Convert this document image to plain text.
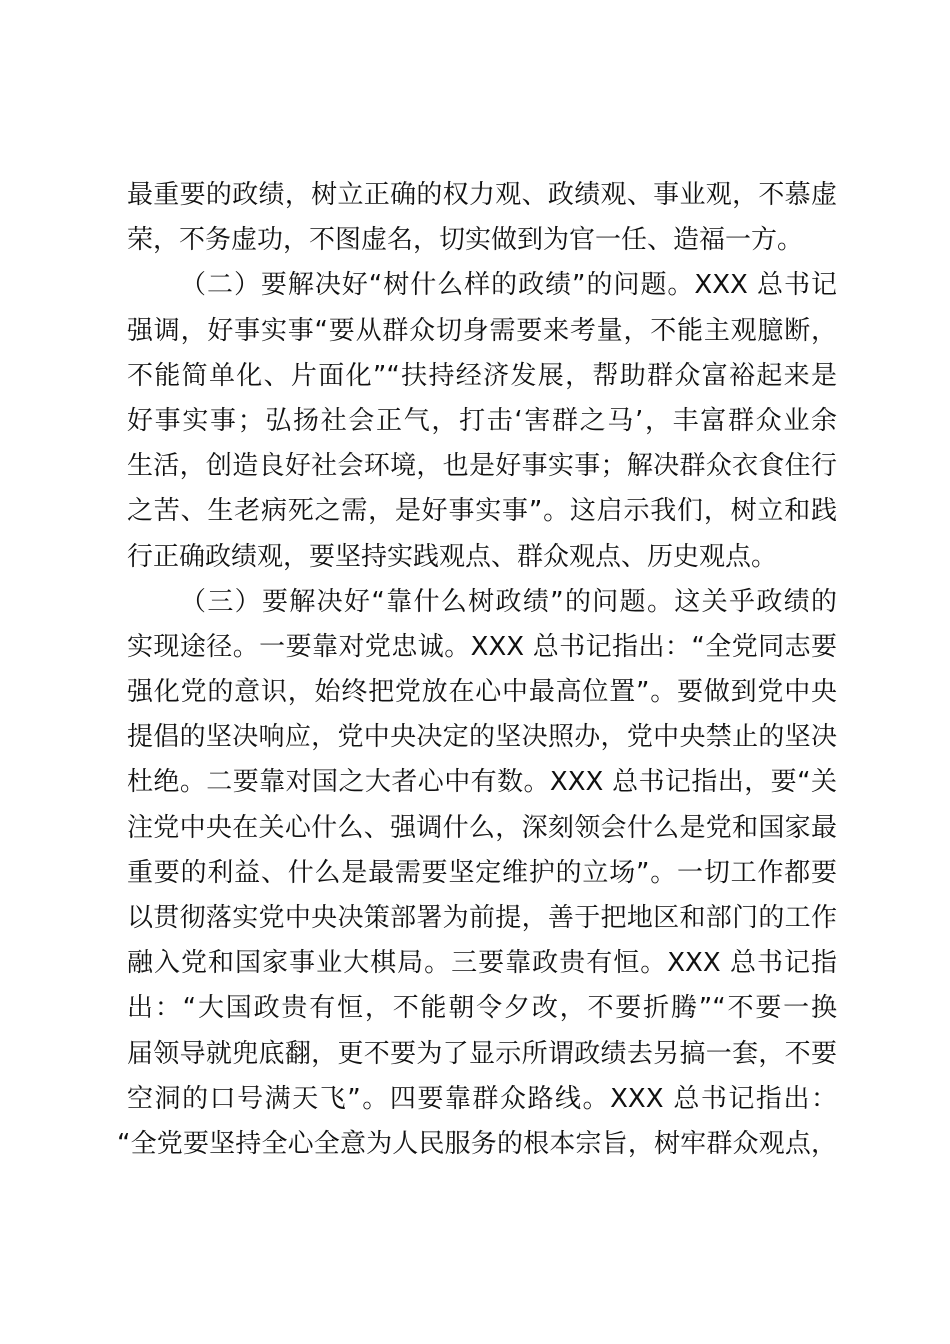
最重要的政绩，树立正确的权力观、政绩观、事业观，不慕虚
荣，不务虚功，不图虚名，切实做到为官一任、造福一方。
（二）要解决好“树什么样的政绩”的问题。XXX 总书记
强调，好事实事“要从群众切身需要来考量，不能主观臆断，
不能简单化、片面化”“扶持经济发展，帮助群众富裕起来是
好事实事；弘扬社会正气，打击‘害群之马’，丰富群众业余
生活，创造良好社会环境，也是好事实事；解决群众衣食住行
之苦、生老病死之需，是好事实事”。这启示我们，树立和践
行正确政绩观，要坚持实践观点、群众观点、历史观点。
（三）要解决好“靠什么树政绩”的问题。这关乎政绩的
实现途径。一要靠对党忠诚。XXX 总书记指出：“全党同志要
强化党的意识，始终把党放在心中最高位置”。要做到党中央
提倡的坚决响应，党中央决定的坚决照办，党中央禁止的坚决
杜绝。二要靠对国之大者心中有数。XXX 总书记指出，要“关
注党中央在关心什么、强调什么，深刻领会什么是党和国家最
重要的利益、什么是最需要坚定维护的立场”。一切工作都要
以贯彻落实党中央决策部署为前提，善于把地区和部门的工作
融入党和国家事业大棋局。三要靠政贵有恒。XXX 总书记指
出：“大国政贵有恒，不能朝令夕改，不要折腾”“不要一换
届领导就兜底翻，更不要为了显示所谓政绩去另搞一套，不要
空洞的口号满天飞”。四要靠群众路线。XXX 总书记指出：
“全党要坚持全心全意为人民服务的根本宗旨，树牢群众观点，
